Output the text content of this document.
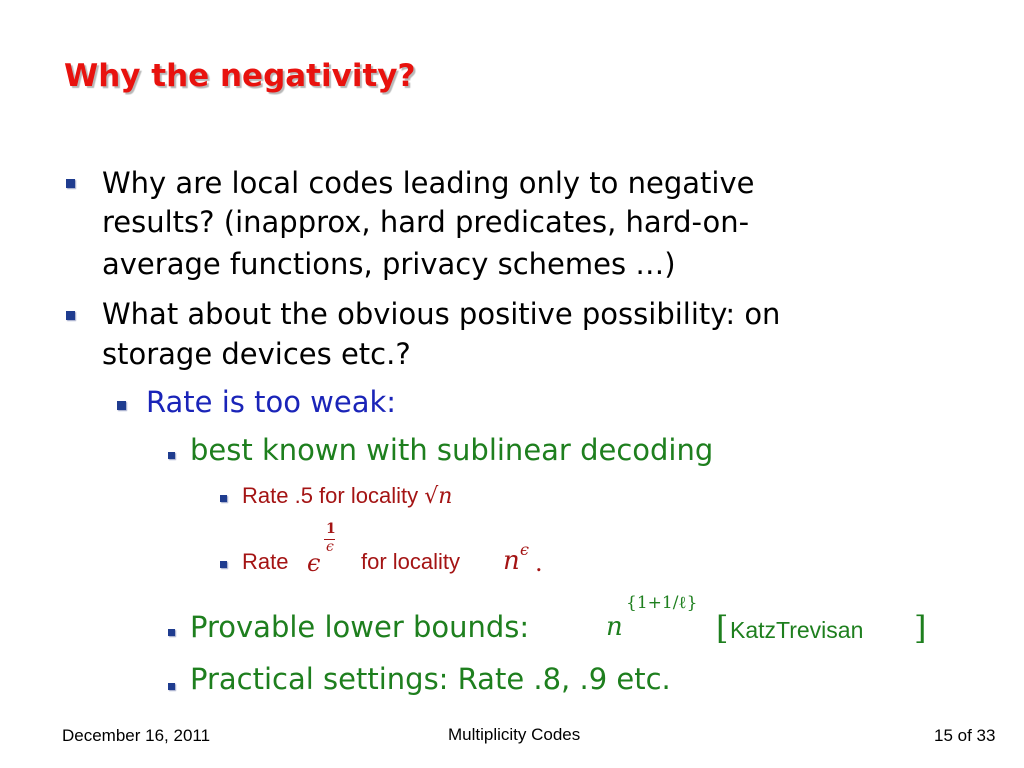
Why the negativity?
Why are local codes leading only to negative
results? (inapprox, hard predicates, hard-on-
average functions, privacy schemes …)
What about the obvious positive possibility: on
storage devices etc.?
Rate is too weak:
best known with sublinear decoding
Rate .5 for locality √𝑛
Rate ϵ
1
ϵ
for locality 𝑛 ϵ .
Provable lower bounds:	𝑛
{1+1/ℓ}
[ KatzTrevisan ]
Practical settings: Rate .8, .9 etc.
December 16, 2011	Multiplicity Codes	15 of 33
